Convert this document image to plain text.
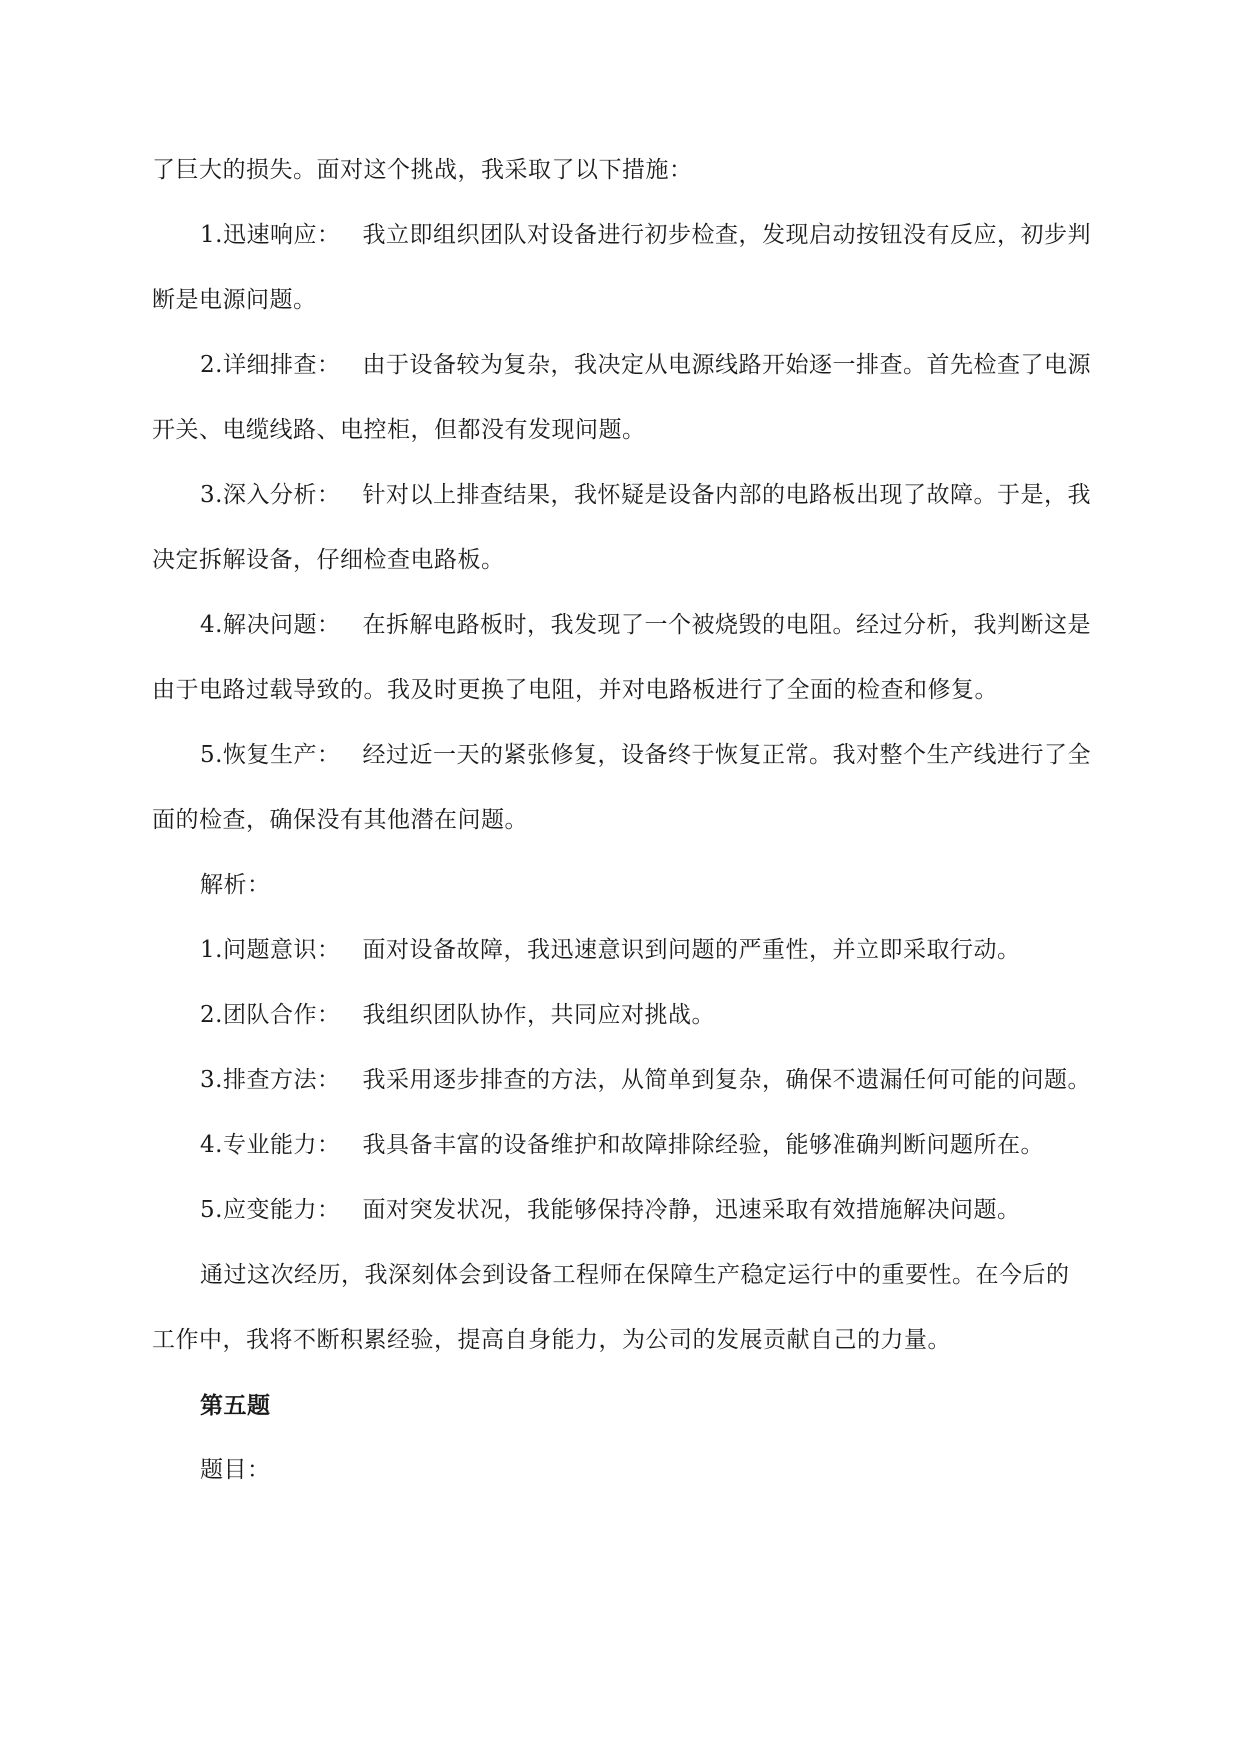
了巨大的损失。面对这个挑战，我采取了以下措施：

1.迅速响应： 我立即组织团队对设备进行初步检查，发现启动按钮没有反应，初步判断是电源问题。

2.详细排查： 由于设备较为复杂，我决定从电源线路开始逐一排查。首先检查了电源开关、电缆线路、电控柜，但都没有发现问题。

3.深入分析： 针对以上排查结果，我怀疑是设备内部的电路板出现了故障。于是，我决定拆解设备，仔细检查电路板。

4.解决问题： 在拆解电路板时，我发现了一个被烧毁的电阻。经过分析，我判断这是由于电路过载导致的。我及时更换了电阻，并对电路板进行了全面的检查和修复。

5.恢复生产： 经过近一天的紧张修复，设备终于恢复正常。我对整个生产线进行了全面的检查，确保没有其他潜在问题。

解析：

1.问题意识： 面对设备故障，我迅速意识到问题的严重性，并立即采取行动。

2.团队合作： 我组织团队协作，共同应对挑战。

3.排查方法： 我采用逐步排查的方法，从简单到复杂，确保不遗漏任何可能的问题。

4.专业能力： 我具备丰富的设备维护和故障排除经验，能够准确判断问题所在。

5.应变能力： 面对突发状况，我能够保持冷静，迅速采取有效措施解决问题。

通过这次经历，我深刻体会到设备工程师在保障生产稳定运行中的重要性。在今后的工作中，我将不断积累经验，提高自身能力，为公司的发展贡献自己的力量。

第五题

题目：
